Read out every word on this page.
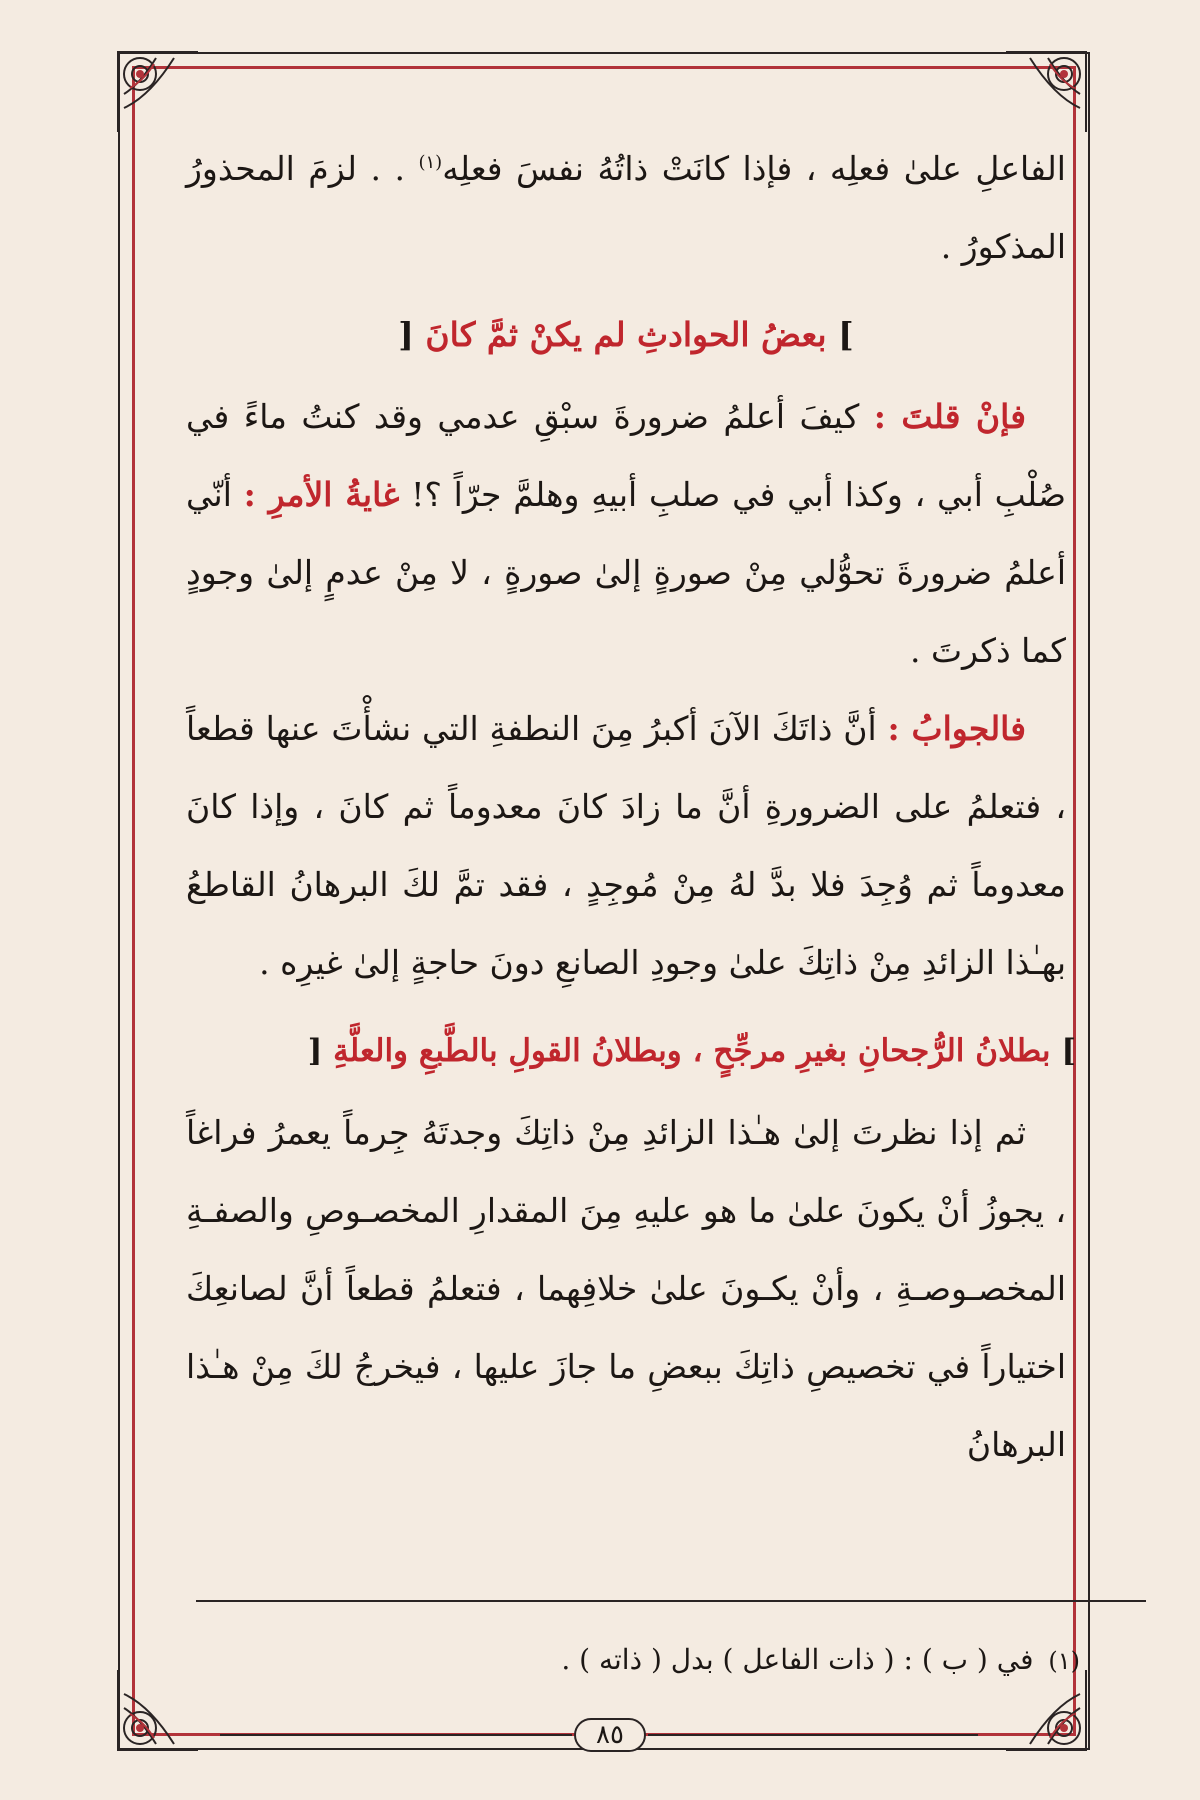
الفاعلِ علىٰ فعلِه ، فإذا كانَتْ ذاتُهُ نفسَ فعلِه$^{(١)}$ . . لزمَ المحذورُ المذكورُ .

] بعضُ الحوادثِ لم يكنْ ثمَّ كانَ [

فإنْ قلتَ : كيفَ أعلمُ ضرورةَ سبْقِ عدمي وقد كنتُ ماءً في صُلْبِ أبي ، وكذا أبي في صلبِ أبيهِ وهلمَّ جرّاً ؟! غايةُ الأمرِ : أنّي أعلمُ ضرورةَ تحوُّلي مِنْ صورةٍ إلىٰ صورةٍ ، لا مِنْ عدمٍ إلىٰ وجودٍ كما ذكرتَ .

فالجوابُ : أنَّ ذاتَكَ الآنَ أكبرُ مِنَ النطفةِ التي نشأْتَ عنها قطعاً ، فتعلمُ على الضرورةِ أنَّ ما زادَ كانَ معدوماً ثم كانَ ، وإذا كانَ معدوماً ثم وُجِدَ فلا بدَّ لهُ مِنْ مُوجِدٍ ، فقد تمَّ لكَ البرهانُ القاطعُ بهـٰذا الزائدِ مِنْ ذاتِكَ علىٰ وجودِ الصانعِ دونَ حاجةٍ إلىٰ غيرِه .

] بطلانُ الرُّجحانِ بغيرِ مرجِّحٍ ، وبطلانُ القولِ بالطَّبعِ والعلَّةِ [

ثم إذا نظرتَ إلىٰ هـٰذا الزائدِ مِنْ ذاتِكَ وجدتَهُ جِرماً يعمرُ فراغاً ، يجوزُ أنْ يكونَ علىٰ ما هو عليهِ مِنَ المقدارِ المخصـوصِ والصفـةِ المخصـوصـةِ ، وأنْ يكـونَ علىٰ خلافِهما ، فتعلمُ قطعاً أنَّ لصانعِكَ اختياراً في تخصيصِ ذاتِكَ ببعضِ ما جازَ عليها ، فيخرجُ لكَ مِنْ هـٰذا البرهانُ

(١) في ( ب ) : ( ذات الفاعل ) بدل ( ذاته ) .
٨٥
